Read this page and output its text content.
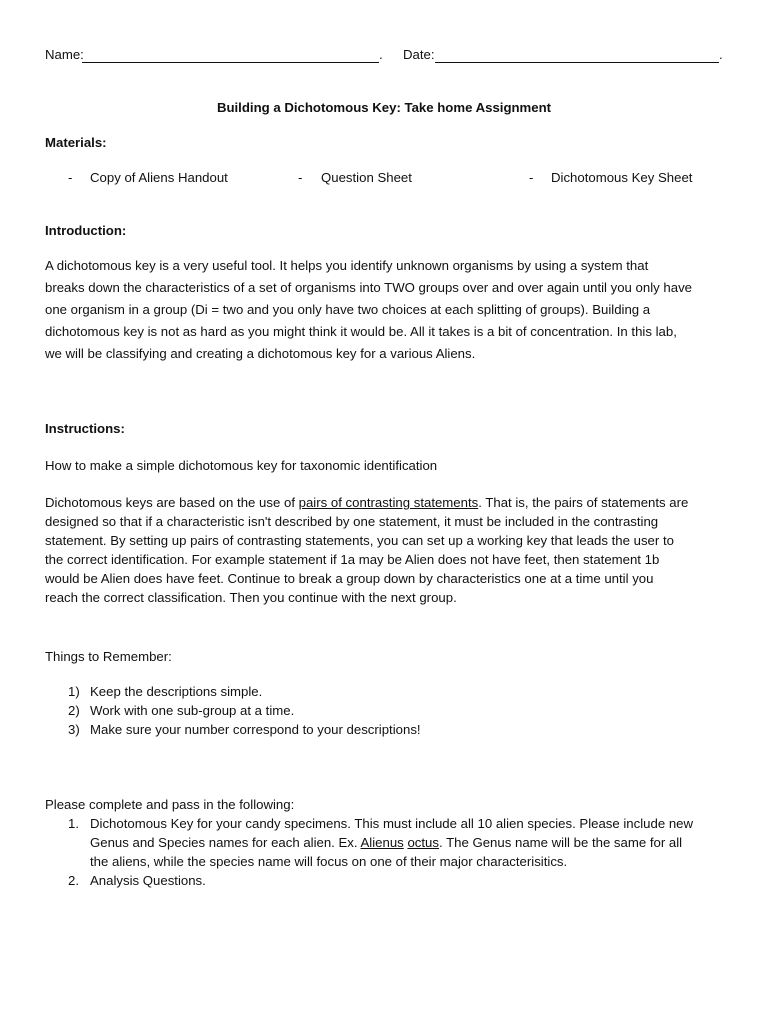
Name:	. Date:	.
Building a Dichotomous Key: Take home Assignment
Materials:
- Copy of Aliens Handout	- Question Sheet	- Dichotomous Key Sheet
Introduction:
A dichotomous key is a very useful tool. It helps you identify unknown organisms by using a system that
breaks down the characteristics of a set of organisms into TWO groups over and over again until you only have
one organism in a group (Di = two and you only have two choices at each splitting of groups). Building a
dichotomous key is not as hard as you might think it would be. All it takes is a bit of concentration. In this lab,
we will be classifying and creating a dichotomous key for a various Aliens.
Instructions:
How to make a simple dichotomous key for taxonomic identification
Dichotomous keys are based on the use of pairs of contrasting statements. That is, the pairs of statements are
designed so that if a characteristic isn't described by one statement, it must be included in the contrasting
statement. By setting up pairs of contrasting statements, you can set up a working key that leads the user to
the correct identification. For example statement if 1a may be Alien does not have feet, then statement 1b
would be Alien does have feet. Continue to break a group down by characteristics one at a time until you
reach the correct classification. Then you continue with the next group.
Things to Remember:
1) Keep the descriptions simple.
2) Work with one sub-group at a time.
3) Make sure your number correspond to your descriptions!
Please complete and pass in the following:
1. Dichotomous Key for your candy specimens. This must include all 10 alien species. Please include new
Genus and Species names for each alien. Ex. Alienus octus. The Genus name will be the same for all
the aliens, while the species name will focus on one of their major characterisitics.
2. Analysis Questions.
